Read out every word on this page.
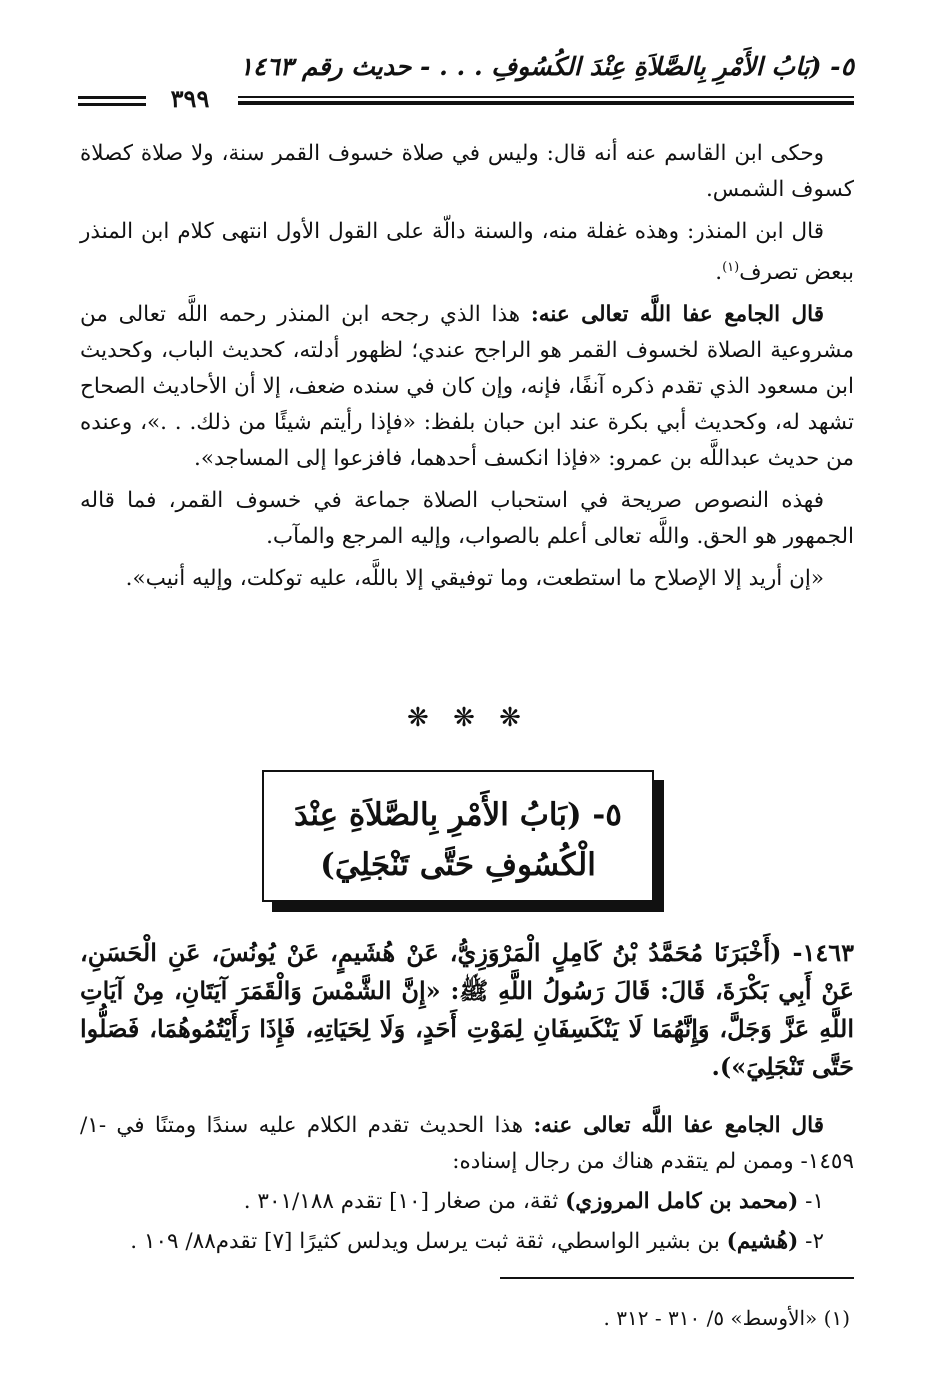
٥- (بَابُ الأَمْرِ بِالصَّلاَةِ عِنْدَ الكُسُوفِ . . . - حديث رقم ١٤٦٣
٣٩٩

وحكى ابن القاسم عنه أنه قال: وليس في صلاة خسوف القمر سنة، ولا صلاة كصلاة كسوف الشمس.

قال ابن المنذر: وهذه غفلة منه، والسنة دالّة على القول الأول انتهى كلام ابن المنذر ببعض تصرف$^{(١)}$.

قال الجامع عفا اللَّه تعالى عنه: هذا الذي رجحه ابن المنذر رحمه اللَّه تعالى من مشروعية الصلاة لخسوف القمر هو الراجح عندي؛ لظهور أدلته، كحديث الباب، وكحديث ابن مسعود الذي تقدم ذكره آنفًا، فإنه، وإن كان في سنده ضعف، إلا أن الأحاديث الصحاح تشهد له، وكحديث أبي بكرة عند ابن حبان بلفظ: «فإذا رأيتم شيئًا من ذلك. . .»، وعنده من حديث عبداللَّه بن عمرو: «فإذا انكسف أحدهما، فافزعوا إلى المساجد».

فهذه النصوص صريحة في استحباب الصلاة جماعة في خسوف القمر، فما قاله الجمهور هو الحق. واللَّه تعالى أعلم بالصواب، وإليه المرجع والمآب.

«إن أريد إلا الإصلاح ما استطعت، وما توفيقي إلا باللَّه، عليه توكلت، وإليه أنيب».

❋ ❋ ❋
٥- (بَابُ الأَمْرِ بِالصَّلاَةِ عِنْدَ
الْكُسُوفِ حَتَّى تَنْجَلِيَ)

١٤٦٣- (أَخْبَرَنَا مُحَمَّدُ بْنُ كَامِلٍ الْمَرْوَزِيُّ، عَنْ هُشَيمٍ، عَنْ يُونُسَ، عَنِ الْحَسَنِ، عَنْ أَبِي بَكْرَةَ، قَالَ: قَالَ رَسُولُ اللَّهِ ﷺ: «إِنَّ الشَّمْسَ وَالْقَمَرَ آيَتَانِ، مِنْ آيَاتِ اللَّهِ عَزَّ وَجَلَّ، وَإِنَّهُمَا لَا يَنْكَسِفَانِ لِمَوْتِ أَحَدٍ، وَلَا لِحَيَاتِهِ، فَإِذَا رَأَيْتُمُوهُمَا، فَصَلُّوا حَتَّى تَنْجَلِيَ»).

قال الجامع عفا اللَّه تعالى عنه: هذا الحديث تقدم الكلام عليه سندًا ومتنًا في -١/ ١٤٥٩- وممن لم يتقدم هناك من رجال إسناده:

١- (محمد بن كامل المروزي) ثقة، من صغار [١٠] تقدم ٣٠١/١٨٨ .

٢- (هُشيم) بن بشير الواسطي، ثقة ثبت يرسل ويدلس كثيرًا [٧] تقدم٨٨/ ١٠٩ .

(١) «الأوسط» ٥/ ٣١٠ - ٣١٢ .
